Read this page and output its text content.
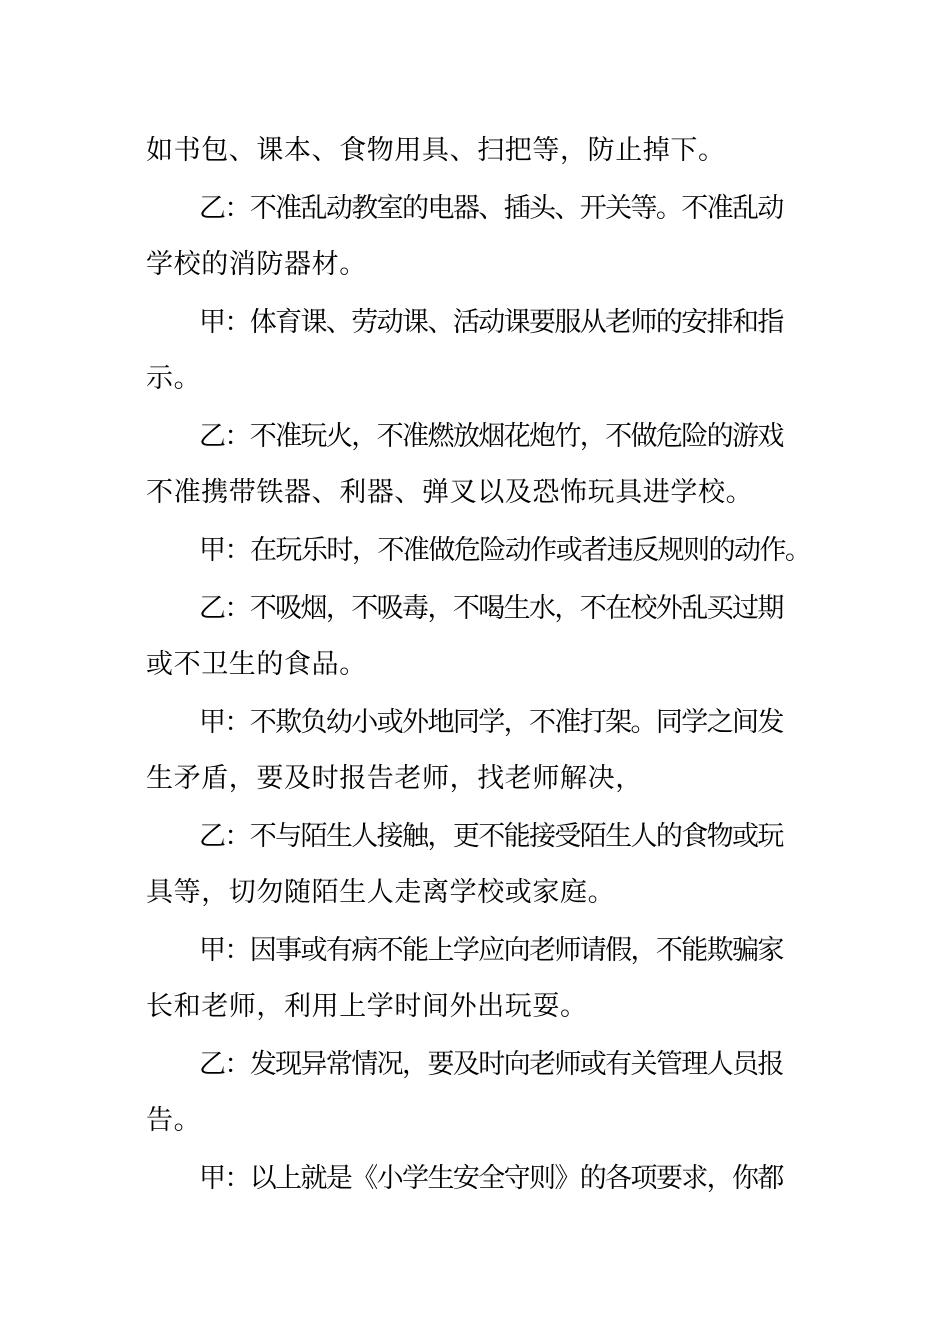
如书包、课本、食物用具、扫把等，防止掉下。
乙：不准乱动教室的电器、插头、开关等。不准乱动
学校的消防器材。
甲：体育课、劳动课、活动课要服从老师的安排和指
示。
乙：不准玩火，不准燃放烟花炮竹，不做危险的游戏
不准携带铁器、利器、弹叉以及恐怖玩具进学校。
甲：在玩乐时，不准做危险动作或者违反规则的动作。
乙：不吸烟，不吸毒，不喝生水，不在校外乱买过期
或不卫生的食品。
甲：不欺负幼小或外地同学，不准打架。同学之间发
生矛盾，要及时报告老师，找老师解决，
乙：不与陌生人接触，更不能接受陌生人的食物或玩
具等，切勿随陌生人走离学校或家庭。
甲：因事或有病不能上学应向老师请假，不能欺骗家
长和老师，利用上学时间外出玩耍。
乙：发现异常情况，要及时向老师或有关管理人员报
告。
甲：以上就是《小学生安全守则》的各项要求，你都
